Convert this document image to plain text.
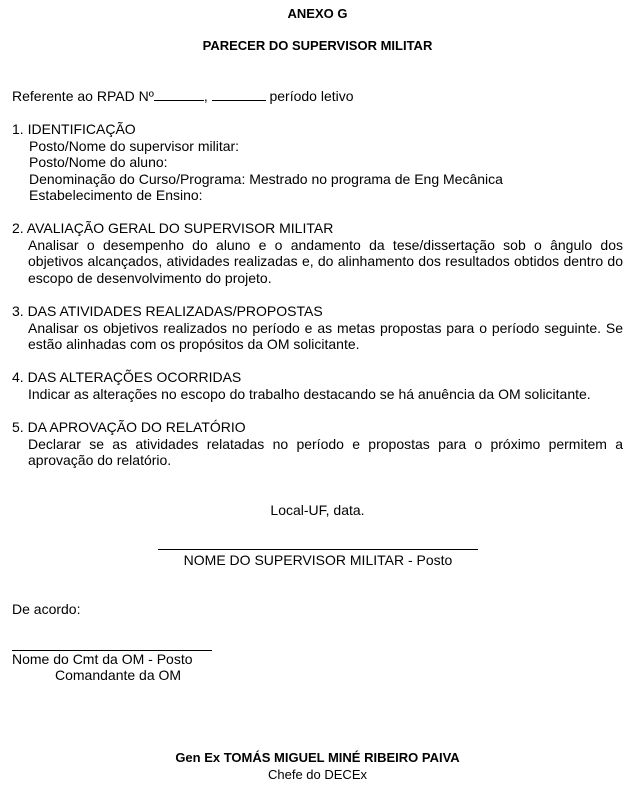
ANEXO G
PARECER DO SUPERVISOR MILITAR
Referente ao RPAD Nº	,	período letivo
1. IDENTIFICAÇÃO
Posto/Nome do supervisor militar:
Posto/Nome do aluno:
Denominação do Curso/Programa: Mestrado no programa de Eng Mecânica
Estabelecimento de Ensino:
2. AVALIAÇÃO GERAL DO SUPERVISOR MILITAR
Analisar o desempenho do aluno e o andamento da tese/dissertação sob o ângulo dos objetivos alcançados, atividades realizadas e, do alinhamento dos resultados obtidos dentro do escopo de desenvolvimento do projeto.
3. DAS ATIVIDADES REALIZADAS/PROPOSTAS
Analisar os objetivos realizados no período e as metas propostas para o período seguinte. Se estão alinhadas com os propósitos da OM solicitante.
4. DAS ALTERAÇÕES OCORRIDAS
Indicar as alterações no escopo do trabalho destacando se há anuência da OM solicitante.
5. DA APROVAÇÃO DO RELATÓRIO
Declarar se as atividades relatadas no período e propostas para o próximo permitem a aprovação do relatório.
Local-UF, data.
NOME DO SUPERVISOR MILITAR - Posto
De acordo:
Nome do Cmt da OM - Posto
Comandante da OM
Gen Ex TOMÁS MIGUEL MINÉ RIBEIRO PAIVA
Chefe do DECEx
